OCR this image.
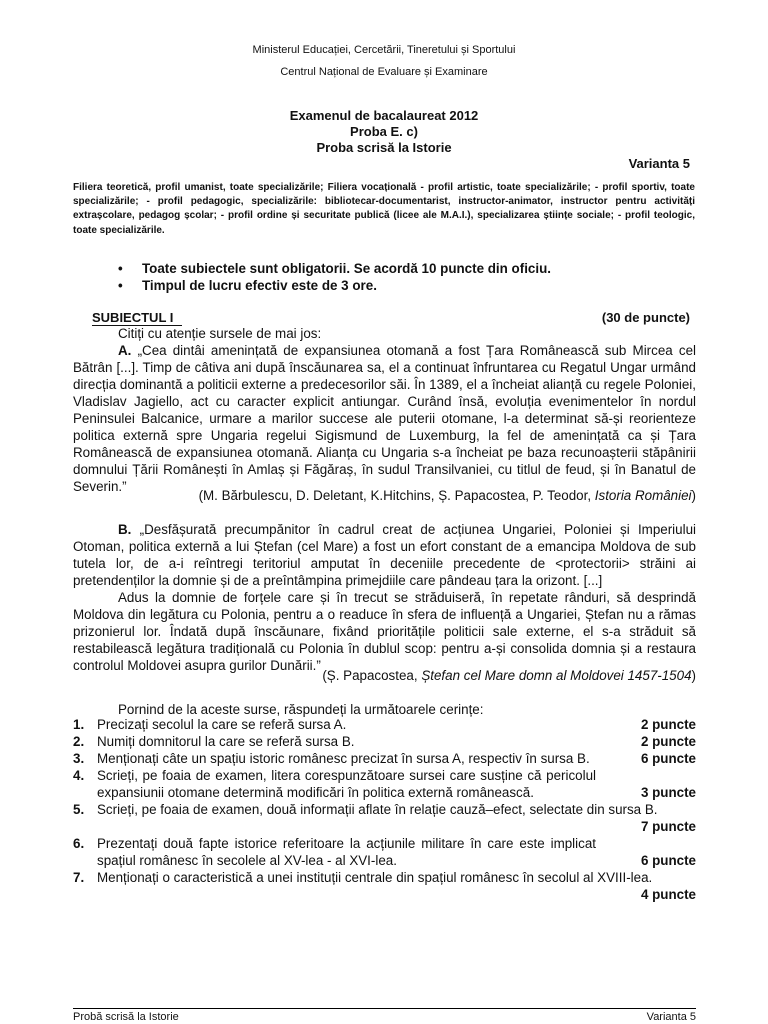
Ministerul Educației, Cercetării, Tineretului și Sportului
Centrul Național de Evaluare și Examinare
Examenul de bacalaureat 2012
Proba E. c)
Proba scrisă la Istorie
Varianta 5
Filiera teoretică, profil umanist, toate specializările; Filiera vocațională - profil artistic, toate specializările; - profil sportiv, toate specializările; - profil pedagogic, specializările: bibliotecar-documentarist, instructor-animator, instructor pentru activități extrașcolare, pedagog școlar; - profil ordine și securitate publică (licee ale M.A.I.), specializarea științe sociale; - profil teologic, toate specializările.
• Toate subiectele sunt obligatorii. Se acordă 10 puncte din oficiu.
• Timpul de lucru efectiv este de 3 ore.
SUBIECTUL I	(30 de puncte)

Citiți cu atenție sursele de mai jos:

A. „Cea dintâi amenințată de expansiunea otomană a fost Țara Românească sub Mircea cel Bătrân [...]. Timp de câtiva ani după înscăunarea sa, el a continuat înfruntarea cu Regatul Ungar urmând direcția dominantă a politicii externe a predecesorilor săi. În 1389, el a încheiat alianță cu regele Poloniei, Vladislav Jagiello, act cu caracter explicit antiungar. Curând însă, evoluția evenimentelor în nordul Peninsulei Balcanice, urmare a marilor succese ale puterii otomane, l-a determinat să-și reorienteze politica externă spre Ungaria regelui Sigismund de Luxemburg, la fel de amenințată ca și Țara Românească de expansiunea otomană. Alianța cu Ungaria s-a încheiat pe baza recunoașterii stăpânirii domnului Țării Românești în Amlaș și Făgăraș, în sudul Transilvaniei, cu titlul de feud, și în Banatul de Severin.”

(M. Bărbulescu, D. Deletant, K.Hitchins, Ș. Papacostea, P. Teodor, Istoria României)

B. „Desfășurată precumpănitor în cadrul creat de acțiunea Ungariei, Poloniei și Imperiului Otoman, politica externă a lui Ștefan (cel Mare) a fost un efort constant de a emancipa Moldova de sub tutela lor, de a-i reîntregi teritoriul amputat în deceniile precedente de <protectorii> străini ai pretendenților la domnie și de a preîntâmpina primejdiile care pândeau țara la orizont. [...]

Adus la domnie de forțele care și în trecut se străduiseră, în repetate rânduri, să desprindă Moldova din legătura cu Polonia, pentru a o readuce în sfera de influență a Ungariei, Ștefan nu a rămas prizonierul lor. Îndată după înscăunare, fixând prioritățile politicii sale externe, el s-a străduit să restabilească legătura tradițională cu Polonia în dublul scop: pentru a-și consolida domnia și a restaura controlul Moldovei asupra gurilor Dunării.”

(Ș. Papacostea, Ștefan cel Mare domn al Moldovei 1457-1504)
Pornind de la aceste surse, răspundeți la următoarele cerințe:
1. Precizați secolul la care se referă sursa A.	2 puncte
2. Numiți domnitorul la care se referă sursa B.	2 puncte
3. Menționați câte un spațiu istoric românesc precizat în sursa A, respectiv în sursa B.	6 puncte
4. Scrieți, pe foaia de examen, litera corespunzătoare sursei care susține că pericolul expansiunii otomane determină modificări în politica externă românească.	3 puncte
5. Scrieți, pe foaia de examen, două informații aflate în relație cauză–efect, selectate din sursa B.
7 puncte
6. Prezentați două fapte istorice referitoare la acțiunile militare în care este implicat spațiul românesc în secolele al XV-lea - al XVI-lea.	6 puncte
7. Menționați o caracteristică a unei instituții centrale din spațiul românesc în secolul al XVIII-lea.
4 puncte
Probă scrisă la Istorie	Varianta 5
